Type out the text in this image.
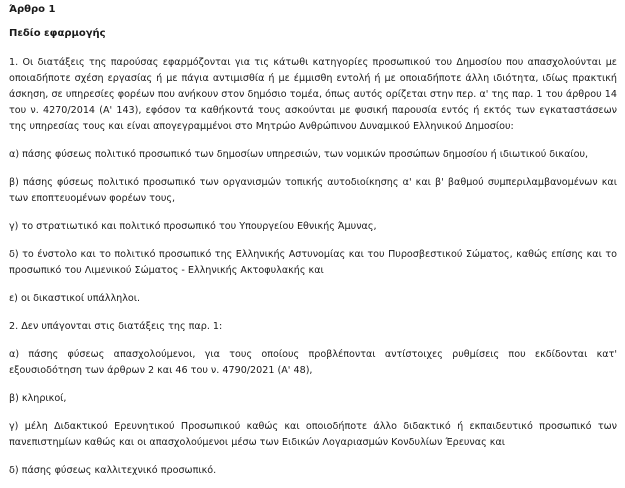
Άρθρο 1
Πεδίο εφαρμογής

1. Οι διατάξεις της παρούσας εφαρμόζονται για τις κάτωθι κατηγορίες προσωπικού του Δημοσίου που απασχολούνται με οποιαδήποτε σχέση εργασίας ή με πάγια αντιμισθία ή με έμμισθη εντολή ή με οποιαδήποτε άλλη ιδιότητα, ιδίως πρακτική άσκηση, σε υπηρεσίες φορέων που ανήκουν στον δημόσιο τομέα, όπως αυτός ορίζεται στην περ. α' της παρ. 1 του άρθρου 14 του ν. 4270/2014 (Α' 143), εφόσον τα καθήκοντά τους ασκούνται με φυσική παρουσία εντός ή εκτός των εγκαταστάσεων της υπηρεσίας τους και είναι απογεγραμμένοι στο Μητρώο Ανθρώπινου Δυναμικού Ελληνικού Δημοσίου:

α) πάσης φύσεως πολιτικό προσωπικό των δημοσίων υπηρεσιών, των νομικών προσώπων δημοσίου ή ιδιωτικού δικαίου,

β) πάσης φύσεως πολιτικό προσωπικό των οργανισμών τοπικής αυτοδιοίκησης α' και β' βαθμού συμπεριλαμβανομένων και των εποπτευομένων φορέων τους,

γ) το στρατιωτικό και πολιτικό προσωπικό του Υπουργείου Εθνικής Άμυνας,

δ) το ένστολο και το πολιτικό προσωπικό της Ελληνικής Αστυνομίας και του Πυροσβεστικού Σώματος, καθώς επίσης και το προσωπικό του Λιμενικού Σώματος - Ελληνικής Ακτοφυλακής και

ε) οι δικαστικοί υπάλληλοι.

2. Δεν υπάγονται στις διατάξεις της παρ. 1:

α) πάσης φύσεως απασχολούμενοι, για τους οποίους προβλέπονται αντίστοιχες ρυθμίσεις που εκδίδονται κατ' εξουσιοδότηση των άρθρων 2 και 46 του ν. 4790/2021 (Α' 48),

β) κληρικοί,

γ) μέλη Διδακτικού Ερευνητικού Προσωπικού καθώς και οποιοδήποτε άλλο διδακτικό ή εκπαιδευτικό προσωπικό των πανεπιστημίων καθώς και οι απασχολούμενοι μέσω των Ειδικών Λογαριασμών Κονδυλίων Έρευνας και

δ) πάσης φύσεως καλλιτεχνικό προσωπικό.
